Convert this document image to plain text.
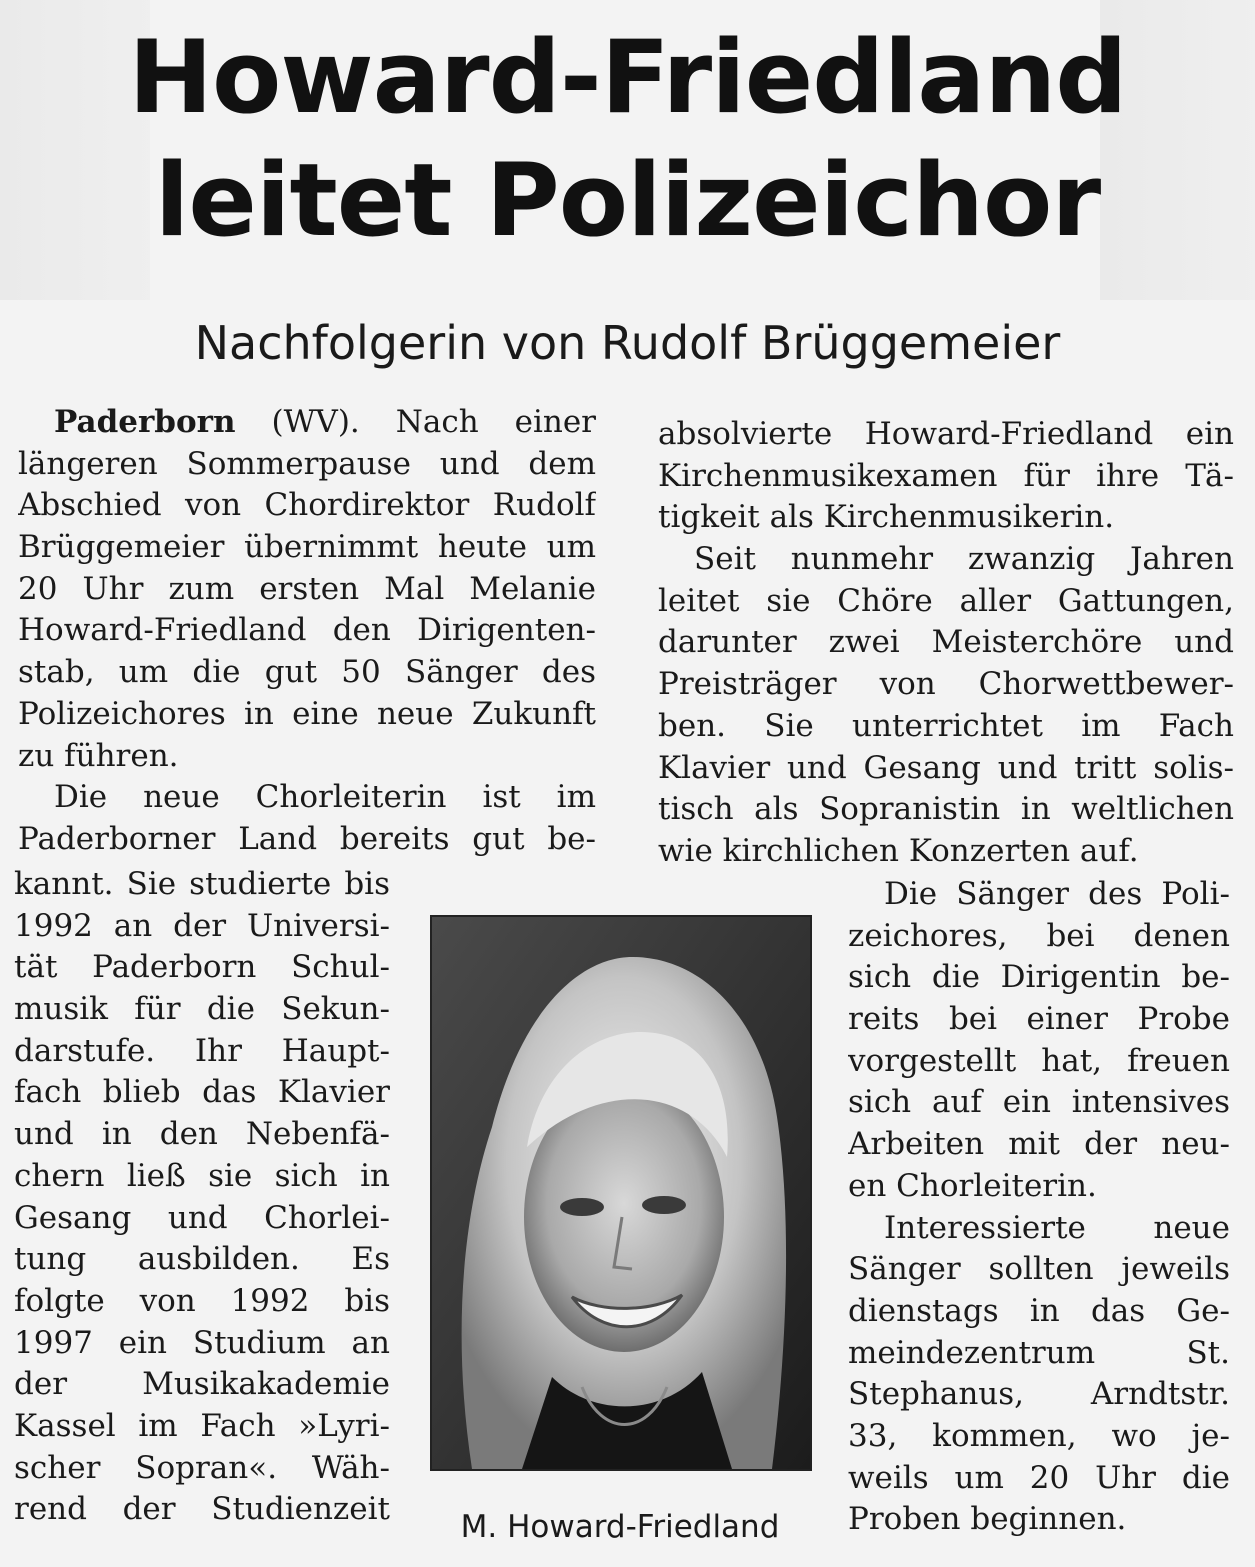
Howard-Friedland
leitet Polizeichor
Nachfolgerin von Rudolf Brüggemeier
Paderborn (WV). Nach einer
längeren Sommerpause und dem
Abschied von Chordirektor Rudolf
Brüggemeier übernimmt heute um
20 Uhr zum ersten Mal Melanie
Howard-Friedland den Dirigenten-
stab, um die gut 50 Sänger des
Polizeichores in eine neue Zukunft
zu führen.
Die neue Chorleiterin ist im
Paderborner Land bereits gut be-
kannt. Sie studierte bis
1992 an der Universi-
tät Paderborn Schul-
musik für die Sekun-
darstufe. Ihr Haupt-
fach blieb das Klavier
und in den Nebenfä-
chern ließ sie sich in
Gesang und Chorlei-
tung ausbilden. Es
folgte von 1992 bis
1997 ein Studium an
der Musikakademie
Kassel im Fach »Lyri-
scher Sopran«. Wäh-
rend der Studienzeit
absolvierte Howard-Friedland ein
Kirchenmusikexamen für ihre Tä-
tigkeit als Kirchenmusikerin.
Seit nunmehr zwanzig Jahren
leitet sie Chöre aller Gattungen,
darunter zwei Meisterchöre und
Preisträger von Chorwettbewer-
ben. Sie unterrichtet im Fach
Klavier und Gesang und tritt solis-
tisch als Sopranistin in weltlichen
wie kirchlichen Konzerten auf.
Die Sänger des Poli-
zeichores, bei denen
sich die Dirigentin be-
reits bei einer Probe
vorgestellt hat, freuen
sich auf ein intensives
Arbeiten mit der neu-
en Chorleiterin.
Interessierte neue
Sänger sollten jeweils
dienstags in das Ge-
meindezentrum St.
Stephanus, Arndtstr.
33, kommen, wo je-
weils um 20 Uhr die
Proben beginnen.
M. Howard-Friedland
